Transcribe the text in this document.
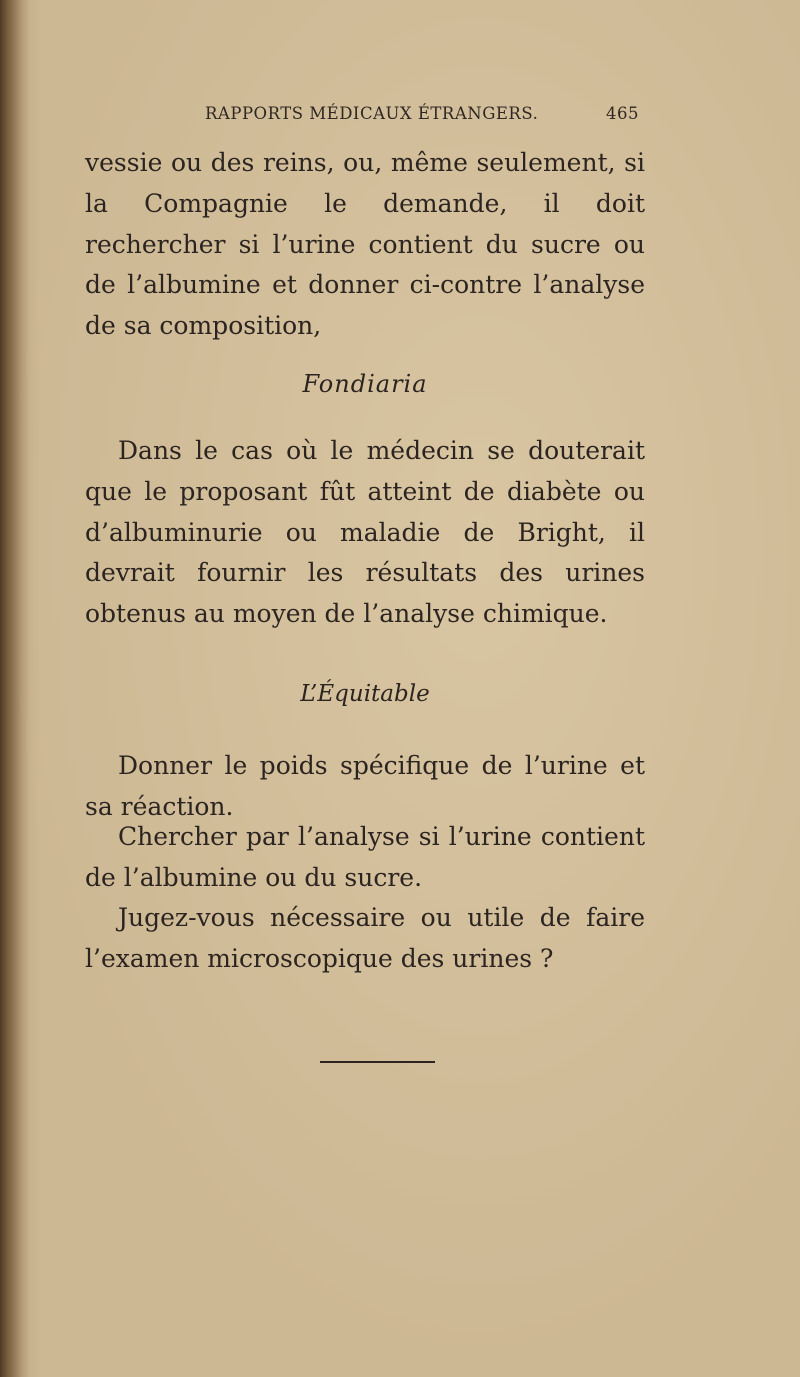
RAPPORTS MÉDICAUX ÉTRANGERS.	465
vessie ou des reins, ou, même seulement, si la Compagnie le demande, il doit rechercher si l’urine contient du sucre ou de l’albumine et donner ci-contre l’analyse de sa composition,
Fondiaria
Dans le cas où le médecin se douterait que le proposant fût atteint de diabète ou d’albuminurie ou maladie de Bright, il devrait fournir les résultats des urines obtenus au moyen de l’analyse chimique.
L’Équitable
Donner le poids spécifique de l’urine et sa réaction.
Chercher par l’analyse si l’urine contient de l’albumine ou du sucre.
Jugez-vous nécessaire ou utile de faire l’examen microscopique des urines ?
